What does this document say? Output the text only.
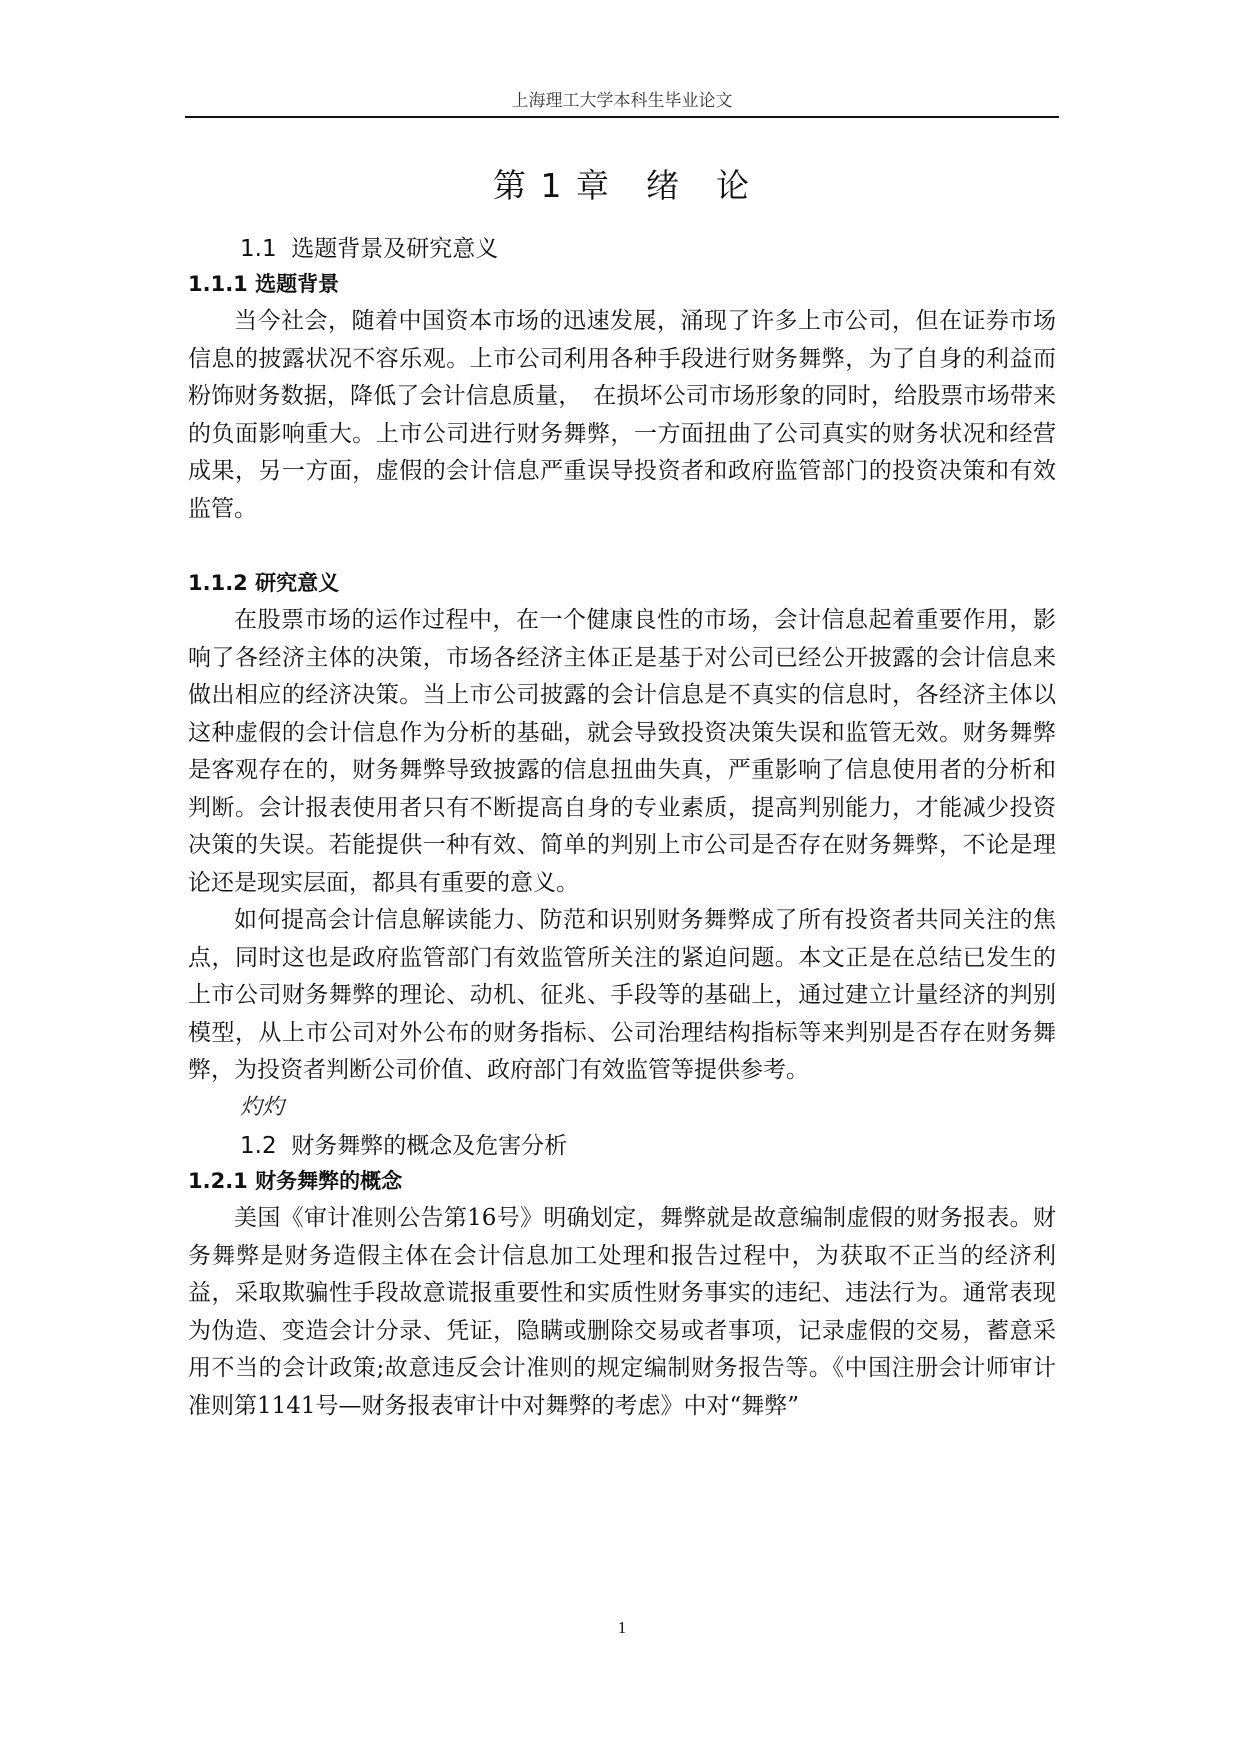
上海理工大学本科生毕业论文
第 1 章　绪　论
1.1  选题背景及研究意义
1.1.1 选题背景

当今社会，随着中国资本市场的迅速发展，涌现了许多上市公司，但在证券市场信息的披露状况不容乐观。上市公司利用各种手段进行财务舞弊，为了自身的利益而粉饰财务数据，降低了会计信息质量，　在损坏公司市场形象的同时，给股票市场带来的负面影响重大。上市公司进行财务舞弊，一方面扭曲了公司真实的财务状况和经营成果，另一方面，虚假的会计信息严重误导投资者和政府监管部门的投资决策和有效监管。

1.1.2 研究意义

在股票市场的运作过程中，在一个健康良性的市场，会计信息起着重要作用，影响了各经济主体的决策，市场各经济主体正是基于对公司已经公开披露的会计信息来做出相应的经济决策。当上市公司披露的会计信息是不真实的信息时，各经济主体以这种虚假的会计信息作为分析的基础，就会导致投资决策失误和监管无效。财务舞弊是客观存在的，财务舞弊导致披露的信息扭曲失真，严重影响了信息使用者的分析和判断。会计报表使用者只有不断提高自身的专业素质，提高判别能力，才能减少投资决策的失误。若能提供一种有效、简单的判别上市公司是否存在财务舞弊，不论是理论还是现实层面，都具有重要的意义。

如何提高会计信息解读能力、防范和识别财务舞弊成了所有投资者共同关注的焦点，同时这也是政府监管部门有效监管所关注的紧迫问题。本文正是在总结已发生的上市公司财务舞弊的理论、动机、征兆、手段等的基础上，通过建立计量经济的判别模型，从上市公司对外公布的财务指标、公司治理结构指标等来判别是否存在财务舞弊，为投资者判断公司价值、政府部门有效监管等提供参考。

灼灼
1.2  财务舞弊的概念及危害分析
1.2.1 财务舞弊的概念

美国《审计准则公告第16号》明确划定，舞弊就是故意编制虚假的财务报表。财务舞弊是财务造假主体在会计信息加工处理和报告过程中，为获取不正当的经济利益，采取欺骗性手段故意谎报重要性和实质性财务事实的违纪、违法行为。通常表现为伪造、变造会计分录、凭证，隐瞒或删除交易或者事项，记录虚假的交易，蓄意采用不当的会计政策;故意违反会计准则的规定编制财务报告等。《中国注册会计师审计准则第1141号—财务报表审计中对舞弊的考虑》中对“舞弊”

1
